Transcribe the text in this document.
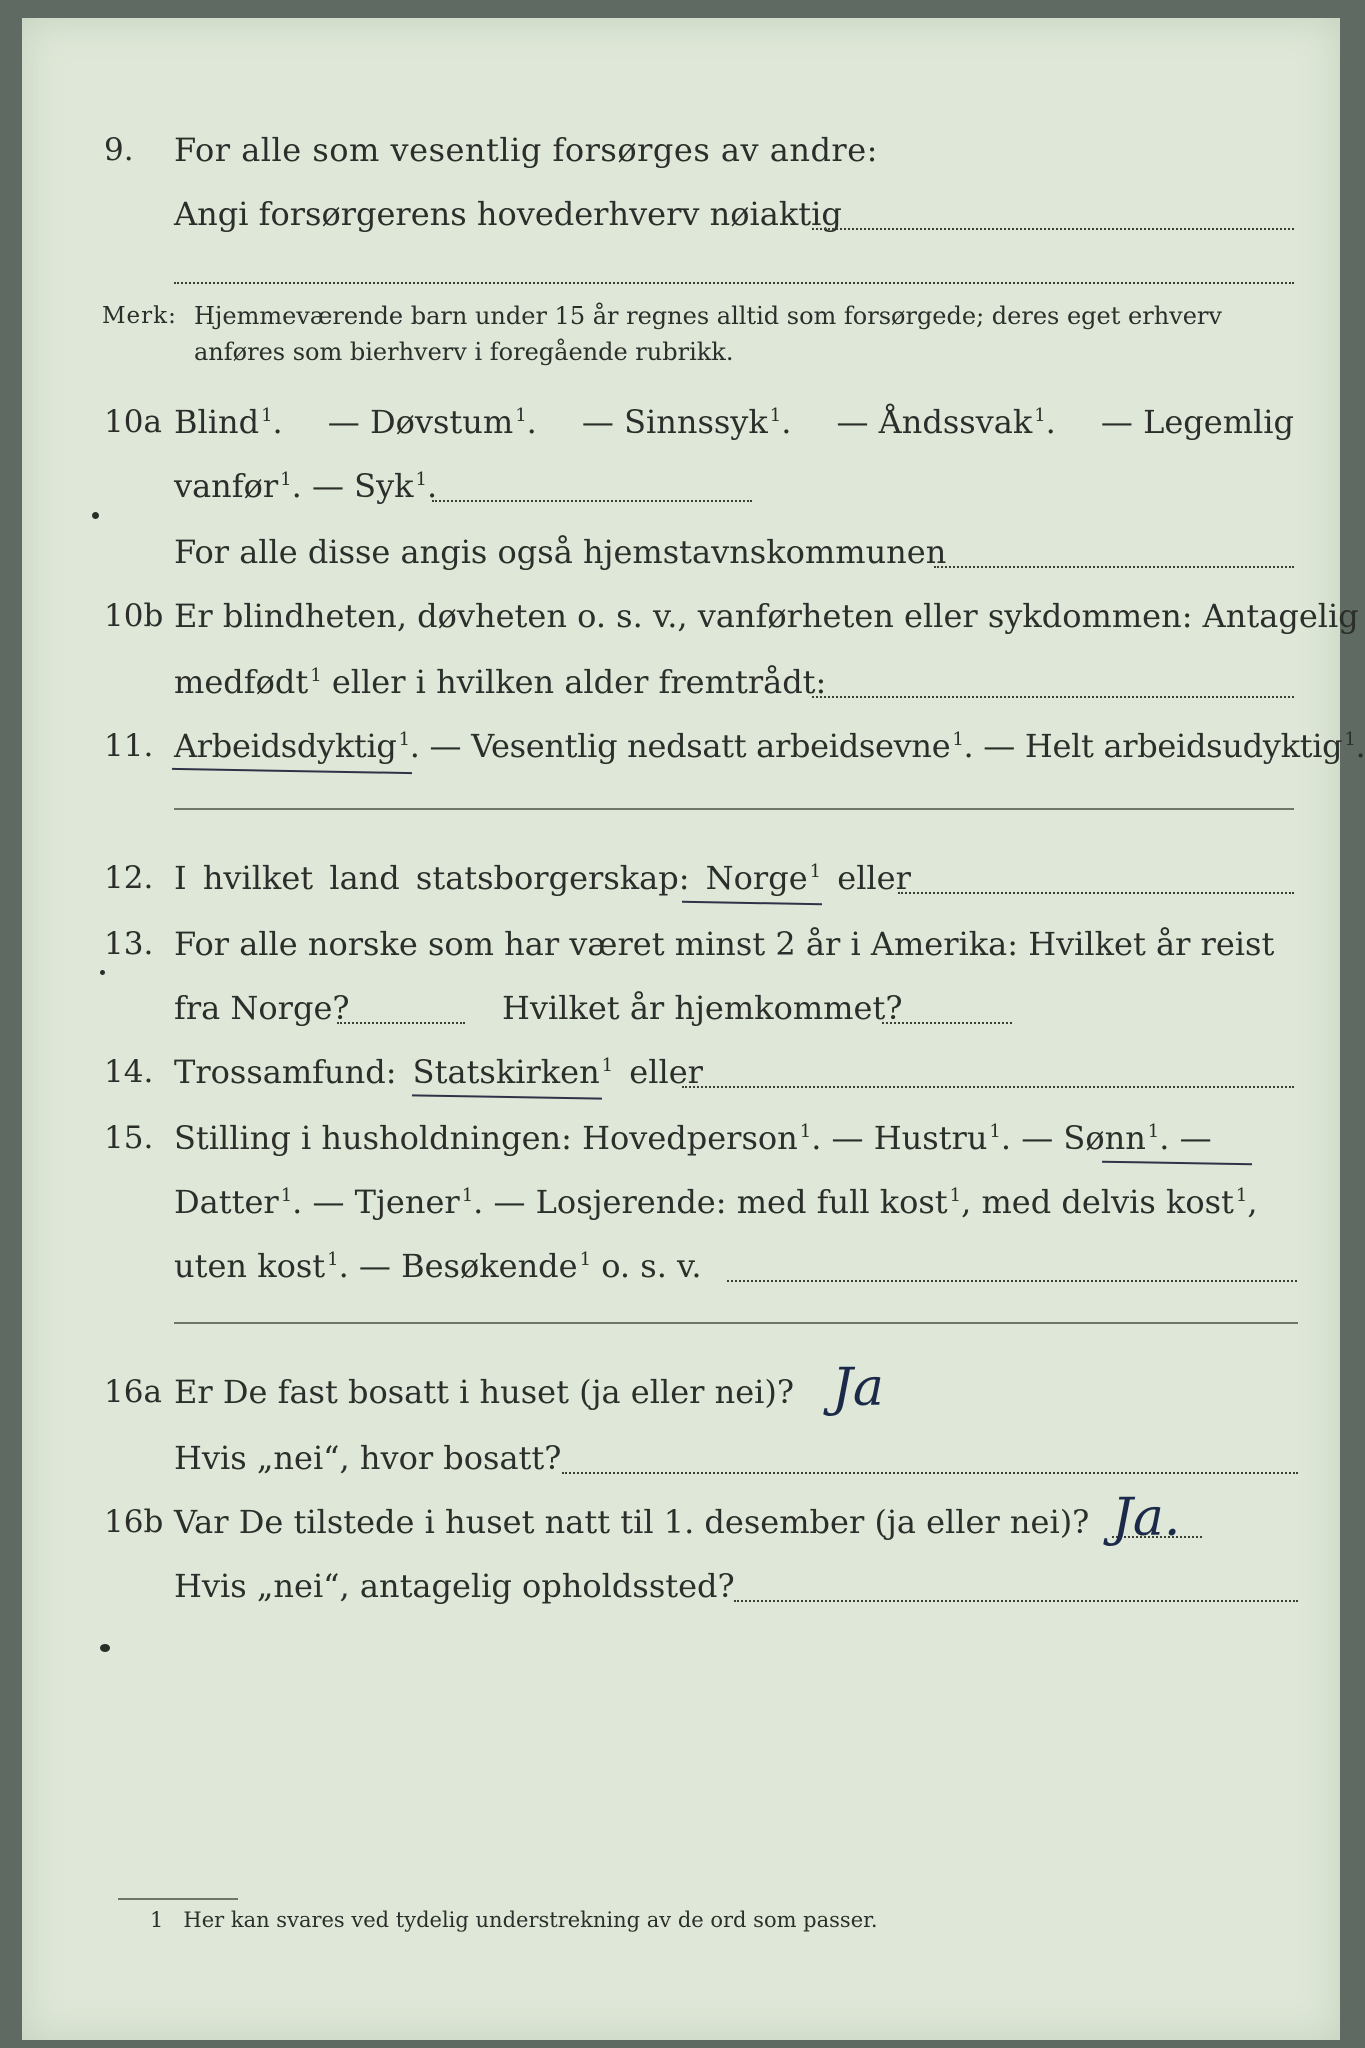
9. For alle som vesentlig forsørges av andre:
Angi forsørgerens hovederhverv nøiaktig
Merk: Hjemmeværende barn under 15 år regnes alltid som forsørgede; deres eget erhverv
anføres som bierhverv i foregående rubrikk.
10a Blind $^1$. — Døvstum $^1$. — Sinnssyk $^1$. — Åndssvak $^1$. — Legemlig
vanfør $^1$. — Syk $^1$.
For alle disse angis også hjemstavnskommunen
10b Er blindheten, døvheten o. s. v., vanførheten eller sykdommen: Antagelig
medfødt $^1$ eller i hvilken alder fremtrådt:
11. Arbeidsdyktig $^1$. — Vesentlig nedsatt arbeidsevne $^1$. — Helt arbeidsudyktig $^1$.
12. I hvilket land statsborgerskap: Norge $^1$ eller
13. For alle norske som har været minst 2 år i Amerika: Hvilket år reist
fra Norge?	Hvilket år hjemkommet?
14. Trossamfund: Statskirken $^1$ eller
15. Stilling i husholdningen: Hovedperson $^1$. — Hustru $^1$. — Sønn $^1$. —
Datter $^1$. — Tjener $^1$. — Losjerende: med full kost $^1$, med delvis kost $^1$,
uten kost $^1$. — Besøkende $^1$ o. s. v.
16a Er De fast bosatt i huset (ja eller nei)? Ja
Hvis „nei“, hvor bosatt?
16b Var De tilstede i huset natt til 1. desember (ja eller nei)? Ja.
Hvis „nei“, antagelig opholdssted?
1 Her kan svares ved tydelig understrekning av de ord som passer.
